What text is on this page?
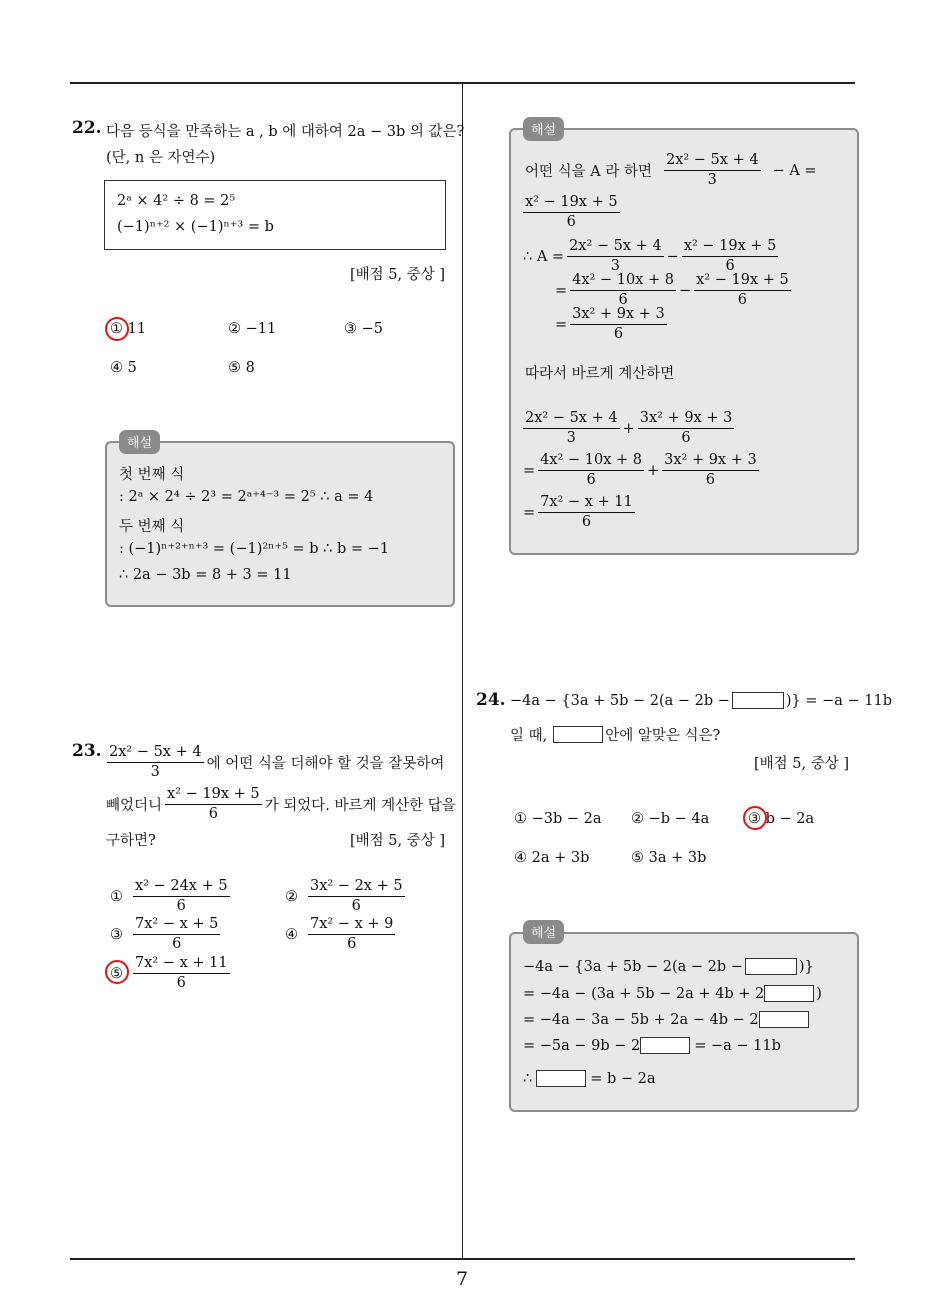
7
22. 다음 등식을 만족하는 a , b 에 대하여 2a − 3b 의 값은?
(단, n 은 자연수)
2ᵃ × 4² ÷ 8 = 2⁵
(−1)ⁿ⁺² × (−1)ⁿ⁺³ = b
[배점 5, 중상 ]
① 11	② −11	③ −5
④ 5	⑤ 8
첫 번째 식
: 2ᵃ × 2⁴ ÷ 2³ = 2ᵃ⁺⁴⁻³ = 2⁵ ∴ a = 4
두 번째 식
: (−1)ⁿ⁺²⁺ⁿ⁺³ = (−1)²ⁿ⁺⁵ = b ∴ b = −1
∴ 2a − 3b = 8 + 3 = 11
해설
23. $\frac{\text{2x² − 5x + 4}}{3}$ 에 어떤 식을 더해야 할 것을 잘못하여
빼었더니 $\frac{\text{x² − 19x + 5}}{6}$ 가 되었다. 바르게 계산한 답을
구하면?	[배점 5, 중상 ]
① $\frac{\text{x² − 24x + 5}}{6}$	② $\frac{\text{3x² − 2x + 5}}{6}$
③ $\frac{\text{7x² − x + 5}}{6}$	④ $\frac{\text{7x² − x + 9}}{6}$
⑤ $\frac{\text{7x² − x + 11}}{6}$
어떤 식을 A 라 하면 $\frac{\text{2x² − 5x + 4}}{3} - A$ =
$\frac{\text{x² − 19x + 5}}{6}$
∴ $A = \frac{\text{2x² − 5x + 4}}{3} - \frac{\text{x² − 19x + 5}}{6}$
= $\frac{\text{4x² − 10x + 8}}{6} - \frac{\text{x² − 19x + 5}}{6}$
= $\frac{\text{3x² + 9x + 3}}{6}$
따라서 바르게 계산하면
$\frac{\text{2x² − 5x + 4}}{3} + \frac{\text{3x² + 9x + 3}}{6}$
= $\frac{\text{4x² − 10x + 8}}{6} + \frac{\text{3x² + 9x + 3}}{6}$
= $\frac{\text{7x² − x + 11}}{6}$
해설
24. −4a − {3a + 5b − 2(a − 2b −	)} = −a − 11b
일 때,	안에 알맞은 식은?
[배점 5, 중상 ]
① −3b − 2a ② −b − 4a	③ b − 2a
④ 2a + 3b	⑤ 3a + 3b
−4a − {3a + 5b − 2(a − 2b −	)}
= −4a − (3a + 5b − 2a + 4b + 2	)
= −4a − 3a − 5b + 2a − 4b − 2
= −5a − 9b − 2	= −a − 11b
∴	= b − 2a
해설
